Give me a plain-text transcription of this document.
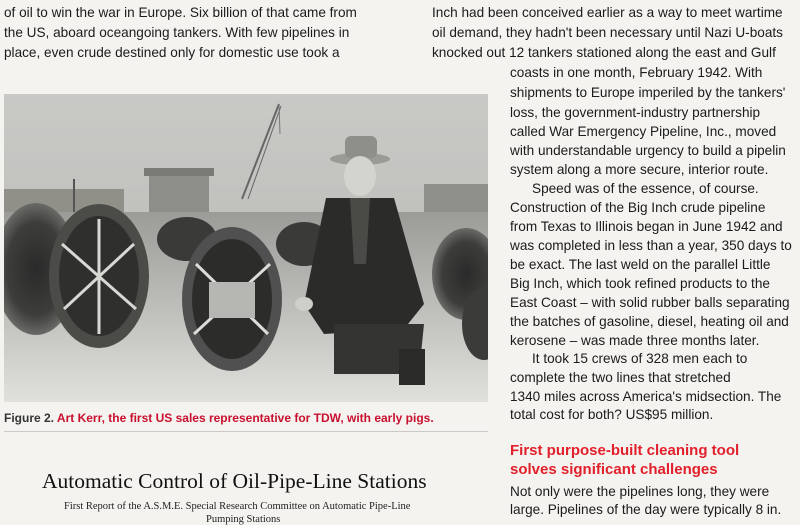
of oil to win the war in Europe. Six billion of that came from
the US, aboard oceangoing tankers. With few pipelines in
place, even crude destined only for domestic use took a
Inch had been conceived earlier as a way to meet wartime
oil demand, they hadn't been necessary until Nazi U-boats
knocked out 12 tankers stationed along the east and Gulf
coasts in one month, February 1942. With
shipments to Europe imperiled by the tankers'
loss, the government-industry partnership
called War Emergency Pipeline, Inc., moved
with understandable urgency to build a pipelin
system along a more secure, interior route.
Speed was of the essence, of course.
Construction of the Big Inch crude pipeline
from Texas to Illinois began in June 1942 and
was completed in less than a year, 350 days to
be exact. The last weld on the parallel Little
Big Inch, which took refined products to the
East Coast – with solid rubber balls separating
the batches of gasoline, diesel, heating oil and
kerosene – was made three months later.
It took 15 crews of 328 men each to
complete the two lines that stretched
1340 miles across America's midsection. The
total cost for both? US$95 million.
Figure 2. Art Kerr, the first US sales representative for TDW, with early pigs.
Automatic Control of Oil-Pipe-Line Stations
First Report of the A.S.M.E. Special Research Committee on Automatic Pipe-Line
Pumping Stations
First purpose-built cleaning tool
solves significant challenges
Not only were the pipelines long, they were
large. Pipelines of the day were typically 8 in.
